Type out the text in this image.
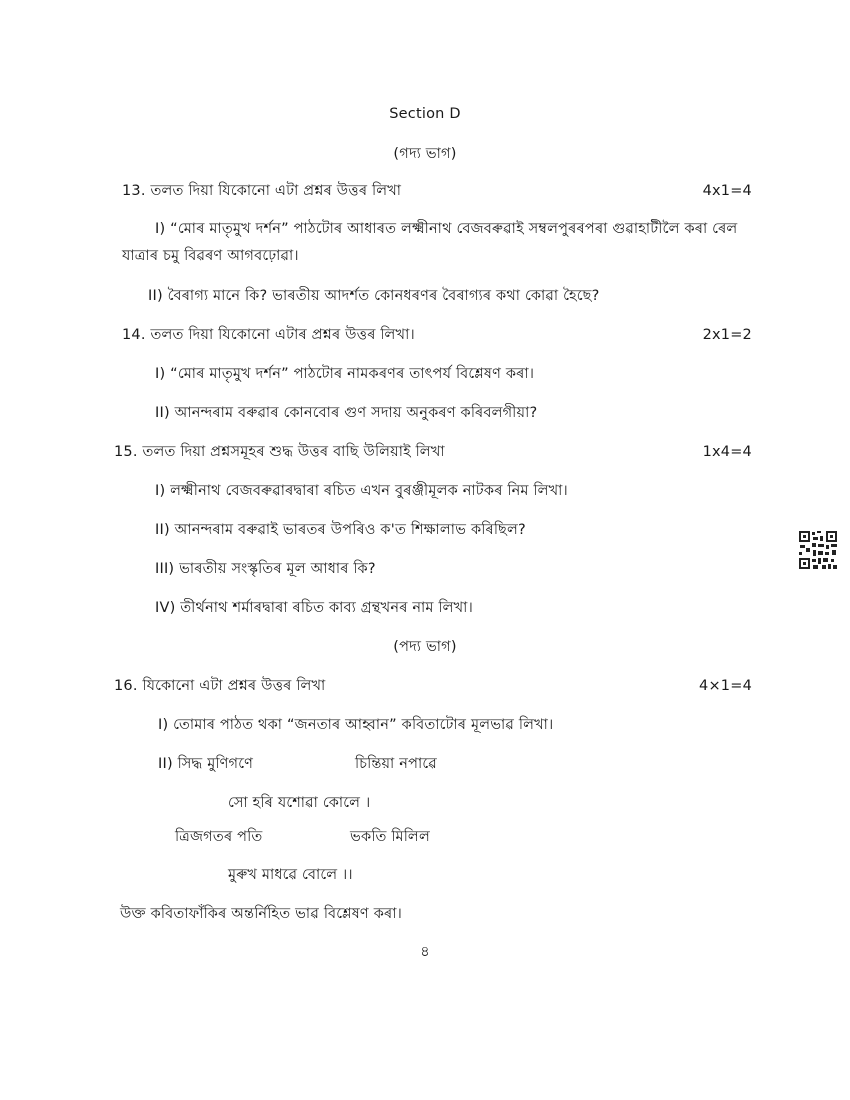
Section D
(গদ্য ভাগ)
13. তলত দিয়া যিকোনো এটা প্ৰশ্নৰ উত্তৰ লিখা	4x1=4
I) “মোৰ মাতৃমুখ দৰ্শন” পাঠটোৰ আধাৰত লক্ষ্মীনাথ বেজবৰুৱাই সম্বলপুৰৰপৰা গুৱাহাটীলৈ কৰা ৰেল
যাত্ৰাৰ চমু বিৱৰণ আগবঢ়োৱা।
II) বৈৰাগ্য মানে কি? ভাৰতীয় আদৰ্শত কোনধৰণৰ বৈৰাগ্যৰ কথা কোৱা হৈছে?
14. তলত দিয়া যিকোনো এটাৰ প্ৰশ্নৰ উত্তৰ লিখা।	2x1=2
I) “মোৰ মাতৃমুখ দৰ্শন” পাঠটোৰ নামকৰণৰ তাৎপৰ্য বিশ্লেষণ কৰা।
II) আনন্দৰাম বৰুৱাৰ কোনবোৰ গুণ সদায় অনুকৰণ কৰিবলগীয়া?
15. তলত দিয়া প্ৰশ্নসমূহৰ শুদ্ধ উত্তৰ বাছি উলিয়াই লিখা	1x4=4
I) লক্ষ্মীনাথ বেজবৰুৱাৰদ্বাৰা ৰচিত এখন বুৰঞ্জীমূলক নাটকৰ নিম লিখা।
II) আনন্দৰাম বৰুৱাই ভাৰতৰ উপৰিও ক'ত শিক্ষালাভ কৰিছিল?
III) ভাৰতীয় সংস্কৃতিৰ মূল আধাৰ কি?
IV) তীৰ্থনাথ শৰ্মাৰদ্বাৰা ৰচিত কাব্য গ্ৰন্থখনৰ নাম লিখা।
(পদ্য ভাগ)
16. যিকোনো এটা প্ৰশ্নৰ উত্তৰ লিখা	4×1=4
I) তোমাৰ পাঠত থকা “জনতাৰ আহ্বান” কবিতাটোৰ মূলভাৱ লিখা।
II) সিদ্ধ মুণিগণে	চিন্তিয়া নপাৱে
সো হৰি যশোৱা কোলে ।
ত্ৰিজগতৰ পতি	ভকতি মিলিল
মুৰুখ মাধৱে বোলে ।।
উক্ত কবিতাফাঁকিৰ অন্তৰ্নিহিত ভাৱ বিশ্লেষণ কৰা।
৪
